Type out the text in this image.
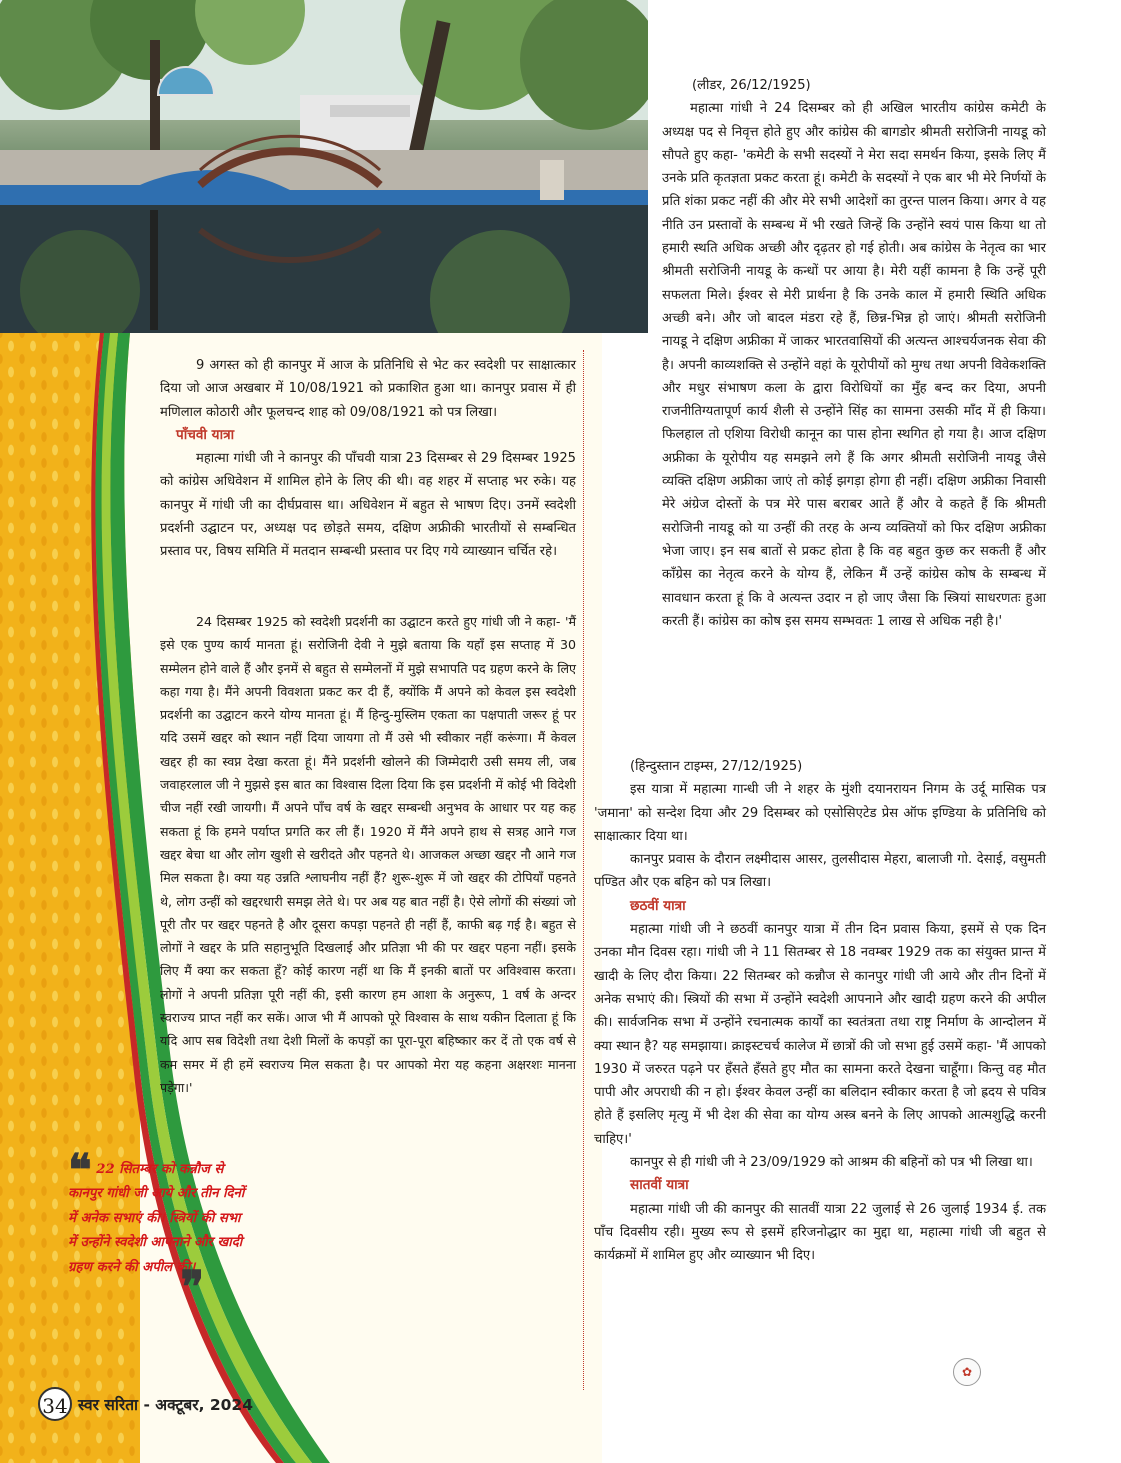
9 अगस्त को ही कानपुर में आज के प्रतिनिधि से भेट कर स्वदेशी पर साक्षात्कार दिया जो आज अखबार में 10/08/1921 को प्रकाशित हुआ था। कानपुर प्रवास में ही मणिलाल कोठारी और फूलचन्द शाह को 09/08/1921 को पत्र लिखा।

पाँचवी यात्रा

महात्मा गांधी जी ने कानपुर की पाँचवी यात्रा 23 दिसम्बर से 29 दिसम्बर 1925 को कांग्रेस अधिवेशन में शामिल होने के लिए की थी। वह शहर में सप्ताह भर रुके। यह कानपुर में गांधी जी का दीर्घप्रवास था। अधिवेशन में बहुत से भाषण दिए। उनमें स्वदेशी प्रदर्शनी उद्घाटन पर, अध्यक्ष पद छोड़ते समय, दक्षिण अफ्रीकी भारतीयों से सम्बन्धित प्रस्ताव पर, विषय समिति में मतदान सम्बन्धी प्रस्ताव पर दिए गये व्याख्यान चर्चित रहे।

24 दिसम्बर 1925 को स्वदेशी प्रदर्शनी का उद्घाटन करते हुए गांधी जी ने कहा- 'मैं इसे एक पुण्य कार्य मानता हूं। सरोजिनी देवी ने मुझे बताया कि यहाँ इस सप्ताह में 30 सम्मेलन होने वाले हैं और इनमें से बहुत से सम्मेलनों में मुझे सभापति पद ग्रहण करने के लिए कहा गया है। मैंने अपनी विवशता प्रकट कर दी हैं, क्योंकि मैं अपने को केवल इस स्वदेशी प्रदर्शनी का उद्घाटन करने योग्य मानता हूं। मैं हिन्दु-मुस्लिम एकता का पक्षपाती जरूर हूं पर यदि उसमें खद्दर को स्थान नहीं दिया जायगा तो मैं उसे भी स्वीकार नहीं करूंगा। मैं केवल खद्दर ही का स्वप्न देखा करता हूं। मैंने प्रदर्शनी खोलने की जिम्मेदारी उसी समय ली, जब जवाहरलाल जी ने मुझसे इस बात का विश्वास दिला दिया कि इस प्रदर्शनी में कोई भी विदेशी चीज नहीं रखी जायगी। मैं अपने पाँच वर्ष के खद्दर सम्बन्धी अनुभव के आधार पर यह कह सकता हूं कि हमने पर्याप्त प्रगति कर ली हैं। 1920 में मैंने अपने हाथ से सत्रह आने गज खद्दर बेचा था और लोग खुशी से खरीदते और पहनते थे। आजकल अच्छा खद्दर नौ आने गज मिल सकता है। क्या यह उन्नति श्लाघनीय नहीं हैं? शुरू-शुरू में जो खद्दर की टोपियाँ पहनते थे, लोग उन्हीं को खद्दरधारी समझ लेते थे। पर अब यह बात नहीं है। ऐसे लोगों की संख्यां जो पूरी तौर पर खद्दर पहनते है और दूसरा कपड़ा पहनते ही नहीं हैं, काफी बढ़ गई है। बहुत से लोगों ने खद्दर के प्रति सहानुभूति दिखलाई और प्रतिज्ञा भी की पर खद्दर पहना नहीं। इसके लिए मैं क्या कर सकता हूँ? कोई कारण नहीं था कि मैं इनकी बातों पर अविश्वास करता। लोगों ने अपनी प्रतिज्ञा पूरी नहीं की, इसी कारण हम आशा के अनुरूप, 1 वर्ष के अन्दर स्वराज्य प्राप्त नहीं कर सकें। आज भी मैं आपको पूरे विश्वास के साथ यकीन दिलाता हूं कि यदि आप सब विदेशी तथा देशी मिलों के कपड़ों का पूरा-पूरा बहिष्कार कर दें तो एक वर्ष से कम समर में ही हमें स्वराज्य मिल सकता है। पर आपको मेरा यह कहना अक्षरशः मानना पड़ेगा।'

(लीडर, 26/12/1925)

महात्मा गांधी ने 24 दिसम्बर को ही अखिल भारतीय कांग्रेस कमेटी के अध्यक्ष पद से निवृत्त होते हुए और कांग्रेस की बागडोर श्रीमती सरोजिनी नायडू को सौपते हुए कहा- 'कमेटी के सभी सदस्यों ने मेरा सदा समर्थन किया, इसके लिए मैं उनके प्रति कृतज्ञता प्रकट करता हूं। कमेटी के सदस्यों ने एक बार भी मेरे निर्णयों के प्रति शंका प्रकट नहीं की और मेरे सभी आदेशों का तुरन्त पालन किया। अगर वे यह नीति उन प्रस्तावों के सम्बन्ध में भी रखते जिन्हें कि उन्होंने स्वयं पास किया था तो हमारी स्थति अधिक अच्छी और दृढ़तर हो गई होती। अब कांग्रेस के नेतृत्व का भार श्रीमती सरोजिनी नायडू के कन्धों पर आया है। मेरी यहीं कामना है कि उन्हें पूरी सफलता मिले। ईश्वर से मेरी प्रार्थना है कि उनके काल में हमारी स्थिति अधिक अच्छी बने। और जो बादल मंडरा रहे हैं, छिन्न-भिन्न हो जाएं। श्रीमती सरोजिनी नायडू ने दक्षिण अफ्रीका में जाकर भारतवासियों की अत्यन्त आश्चर्यजनक सेवा की है। अपनी काव्यशक्ति से उन्होंने वहां के यूरोपीयों को मुग्ध तथा अपनी विवेकशक्ति और मधुर संभाषण कला के द्वारा विरोधियों का मुँह बन्द कर दिया, अपनी राजनीतिग्यतापूर्ण कार्य शैली से उन्होंने सिंह का सामना उसकी माँद में ही किया। फिलहाल तो एशिया विरोधी कानून का पास होना स्थगित हो गया है। आज दक्षिण अफ्रीका के यूरोपीय यह समझने लगे हैं कि अगर श्रीमती सरोजिनी नायडू जैसे व्यक्ति दक्षिण अफ्रीका जाएं तो कोई झगड़ा होगा ही नहीं। दक्षिण अफ्रीका निवासी मेरे अंग्रेज दोस्तों के पत्र मेरे पास बराबर आते हैं और वे कहते हैं कि श्रीमती सरोजिनी नायडू को या उन्हीं की तरह के अन्य व्यक्तियों को फिर दक्षिण अफ्रीका भेजा जाए। इन सब बातों से प्रकट होता है कि वह बहुत कुछ कर सकती हैं और काँग्रेस का नेतृत्व करने के योग्य हैं, लेकिन मैं उन्हें कांग्रेस कोष के सम्बन्ध में सावधान करता हूं कि वे अत्यन्त उदार न हो जाए जैसा कि स्त्रियां साधरणतः हुआ करती हैं। कांग्रेस का कोष इस समय सम्भवतः 1 लाख से अधिक नही है।'

(हिन्दुस्तान टाइम्स, 27/12/1925)

इस यात्रा में महात्मा गान्धी जी ने शहर के मुंशी दयानरायन निगम के उर्दू मासिक पत्र 'जमाना' को सन्देश दिया और 29 दिसम्बर को एसोसिएटेड प्रेस ऑफ इण्डिया के प्रतिनिधि को साक्षात्कार दिया था।

कानपुर प्रवास के दौरान लक्ष्मीदास आसर, तुलसीदास मेहरा, बालाजी गो. देसाई, वसुमती पण्डित और एक बहिन को पत्र लिखा।

छठवीं यात्रा

महात्मा गांधी जी ने छठवीं कानपुर यात्रा में तीन दिन प्रवास किया, इसमें से एक दिन उनका मौन दिवस रहा। गांधी जी ने 11 सितम्बर से 18 नवम्बर 1929 तक का संयुक्त प्रान्त में खादी के लिए दौरा किया। 22 सितम्बर को कन्नौज से कानपुर गांधी जी आये और तीन दिनों में अनेक सभाएं की। स्त्रियों की सभा में उन्होंने स्वदेशी आपनाने और खादी ग्रहण करने की अपील की। सार्वजनिक सभा में उन्होंने रचनात्मक कार्यों का स्वतंत्रता तथा राष्ट्र निर्माण के आन्दोलन में क्या स्थान है? यह समझाया। क्राइस्टचर्च कालेज में छात्रों की जो सभा हुई उसमें कहा- 'मैं आपको 1930 में जरुरत पढ़ने पर हँसते हँसते हुए मौत का सामना करते देखना चाहूँगा। किन्तु वह मौत पापी और अपराधी की न हो। ईश्वर केवल उन्हीं का बलिदान स्वीकार करता है जो ह्रदय से पवित्र होते हैं इसलिए मृत्यु में भी देश की सेवा का योग्य अस्त्र बनने के लिए आपको आत्मशुद्धि करनी चाहिए।'

कानपुर से ही गांधी जी ने 23/09/1929 को आश्रम की बहिनों को पत्र भी लिखा था।

सातवीं यात्रा

महात्मा गांधी जी की कानपुर की सातवीं यात्रा 22 जुलाई से 26 जुलाई 1934 ई. तक पाँच दिवसीय रही। मुख्य रूप से इसमें हरिजनोद्धार का मुद्दा था, महात्मा गांधी जी बहुत से कार्यक्रमों में शामिल हुए और व्याख्यान भी दिए।

✿
❝ 22 सितम्बर को कन्नौज से कानपुर गांधी जी आये और तीन दिनों में अनेक सभाएं की। स्त्रियों की सभा में उन्होंने स्वदेशी आपनाने और खादी ग्रहण करने की अपील की।
❞
34 स्वर सरिता - अक्टूबर, 2024
